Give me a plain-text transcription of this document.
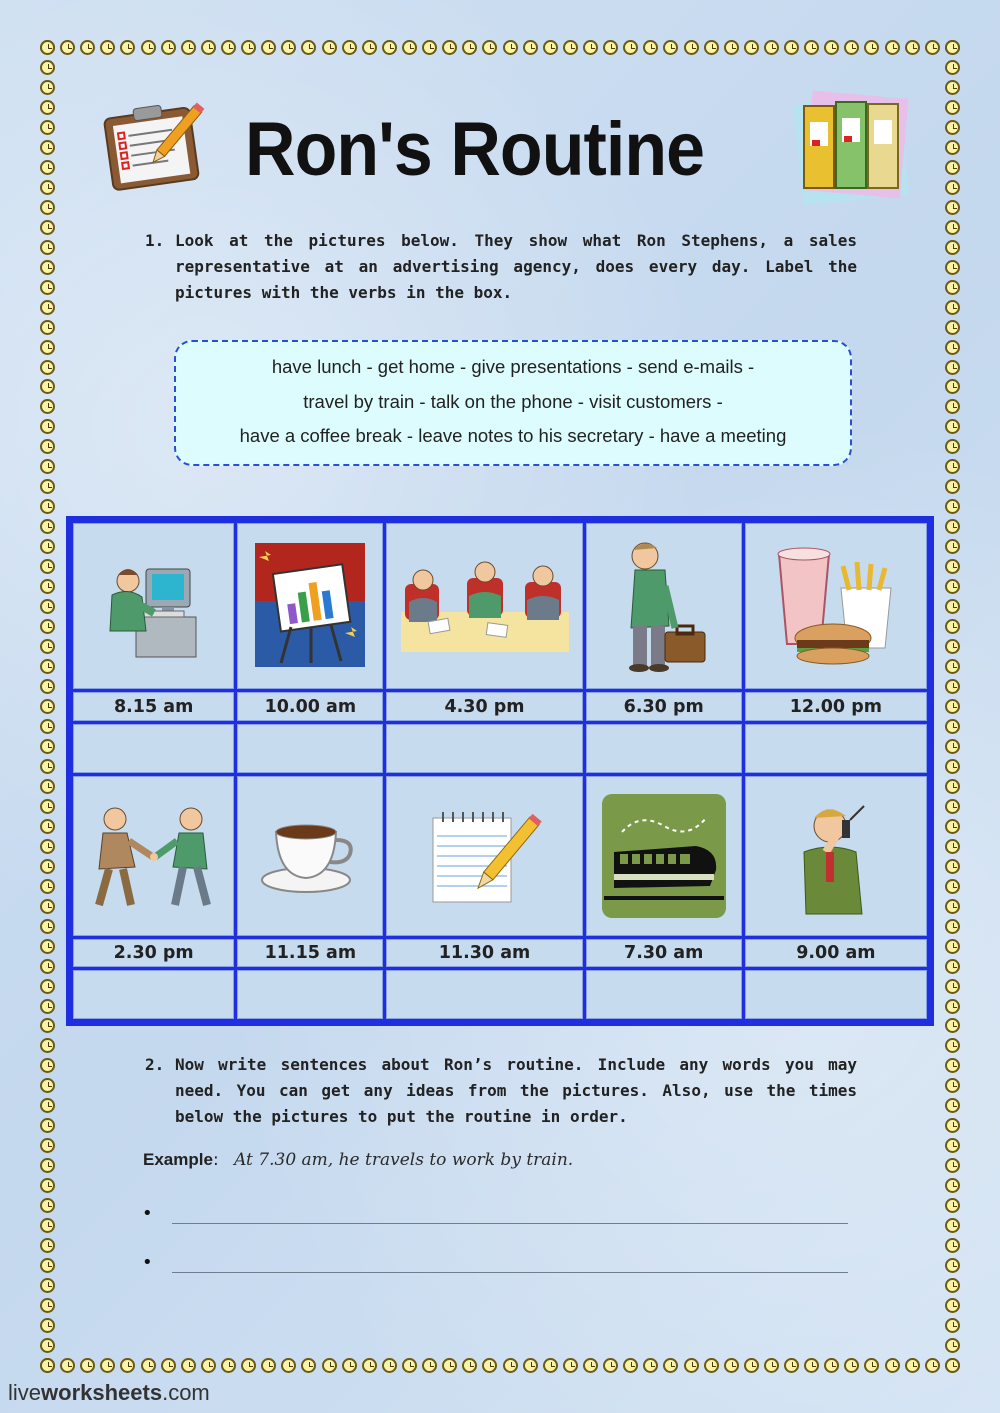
Ron's Routine
1. Look at the pictures below. They show what Ron Stephens, a sales representative at an advertising agency, does every day. Label the pictures with the verbs in the box.
have lunch - get home - give presentations - send e-mails -
travel by train - talk on the phone - visit customers -
have a coffee break - leave notes to his secretary - have a meeting

8.15 am	10.00 am	4.30 pm	6.30 pm	12.00 pm

2.30 pm	11.15 am	11.30 am	7.30 am	9.00 am

2. Now write sentences about Ron’s routine. Include any words you may need. You can get any ideas from the pictures. Also, use the times below the pictures to put the routine in order.
Example: At 7.30 am, he travels to work by train.
•
•
liveworksheets.com
